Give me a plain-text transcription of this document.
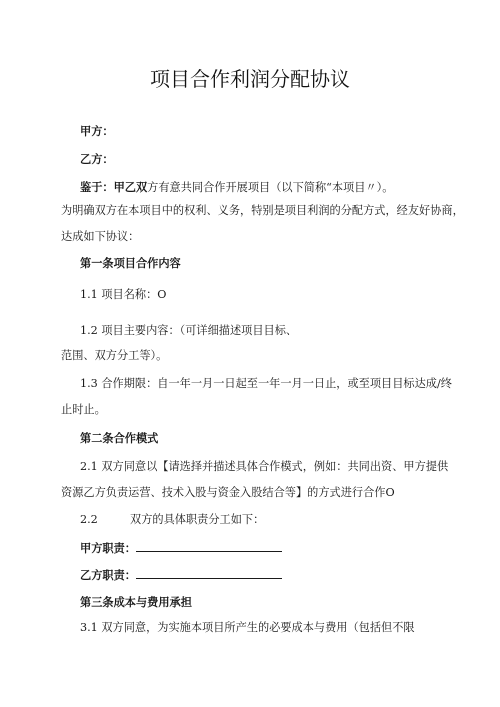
项目合作利润分配协议
甲方：
乙方：
鉴于：甲乙双方有意共同合作开展项目（以下简称“本项目〃）。
为明确双方在本项目中的权利、义务，特别是项目利润的分配方式，经友好协商，
达成如下协议：
第一条项目合作内容
1.1 项目名称：O
1.2 项目主要内容：（可详细描述项目目标、
范围、双方分工等）。
1.3 合作期限：自一年一月一日起至一年一月一日止，或至项目目标达成/终
止时止。
第二条合作模式
2.1 双方同意以【请选择并描述具体合作模式，例如：共同出资、甲方提供
资源乙方负责运营、技术入股与资金入股结合等】的方式进行合作O
2.2	双方的具体职责分工如下：
甲方职责：
乙方职责：
第三条成本与费用承担
3.1 双方同意，为实施本项目所产生的必要成本与费用（包括但不限
